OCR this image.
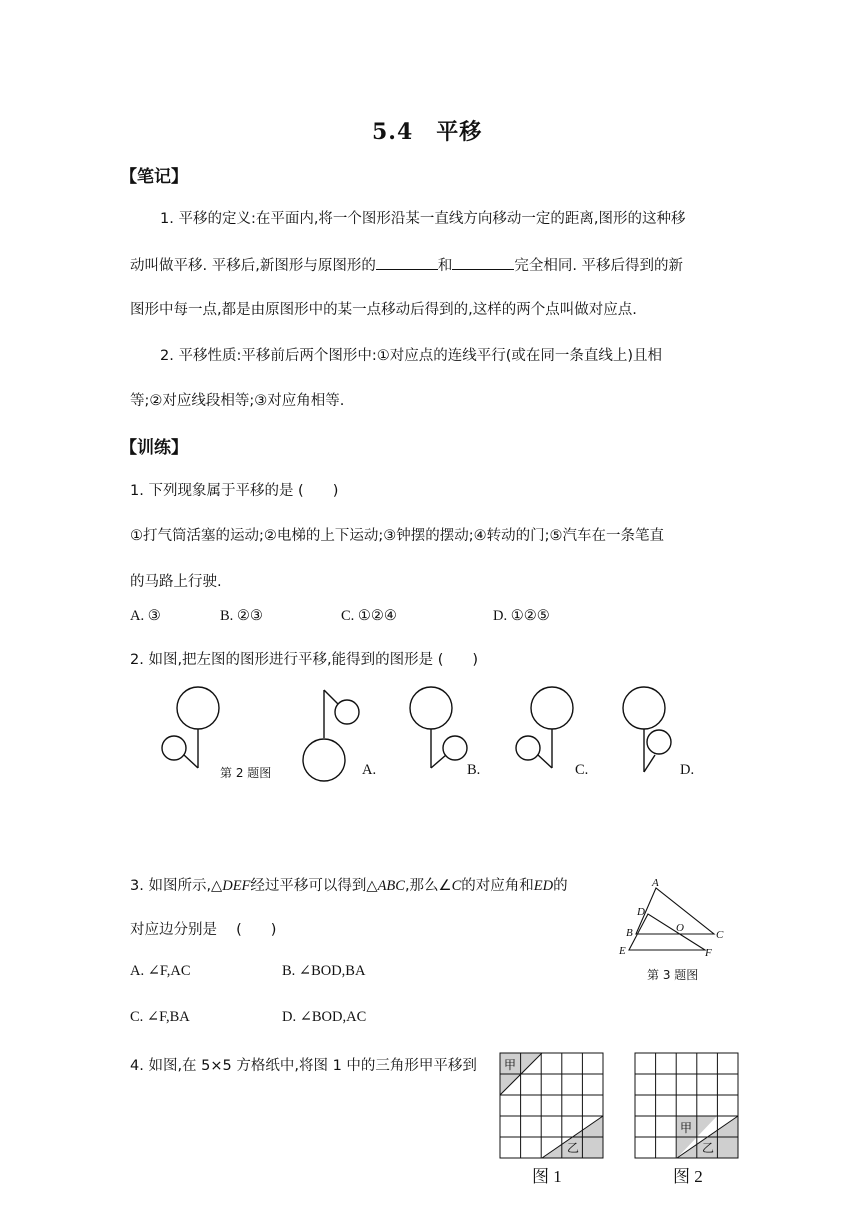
5.4　平移
【笔记】
1. 平移的定义:在平面内,将一个图形沿某一直线方向移动一定的距离,图形的这种移
动叫做平移. 平移后,新图形与原图形的	和	完全相同. 平移后得到的新
图形中每一点,都是由原图形中的某一点移动后得到的,这样的两个点叫做对应点.
2. 平移性质:平移前后两个图形中:①对应点的连线平行(或在同一条直线上)且相
等;②对应线段相等;③对应角相等.
【训练】
1. 下列现象属于平移的是 (　　)
①打气筒活塞的运动;②电梯的上下运动;③钟摆的摆动;④转动的门;⑤汽车在一条笔直
的马路上行驶.
A. ③	B. ②③	C. ①②④	D. ①②⑤
2. 如图,把左图的图形进行平移,能得到的图形是 (　　)
第 2 题图	A.	B.	C.	D.
3. 如图所示,△DEF经过平移可以得到△ABC,那么∠C的对应角和ED的
对应边分别是　 (　　)
A. ∠F,AC	B. ∠BOD,BA
C. ∠F,BA	D. ∠BOD,AC
A
D
O
C
B
E	F
第 3 题图
4. 如图,在 5×5 方格纸中,将图 1 中的三角形甲平移到 甲
乙
图 1
甲
乙
图 2
